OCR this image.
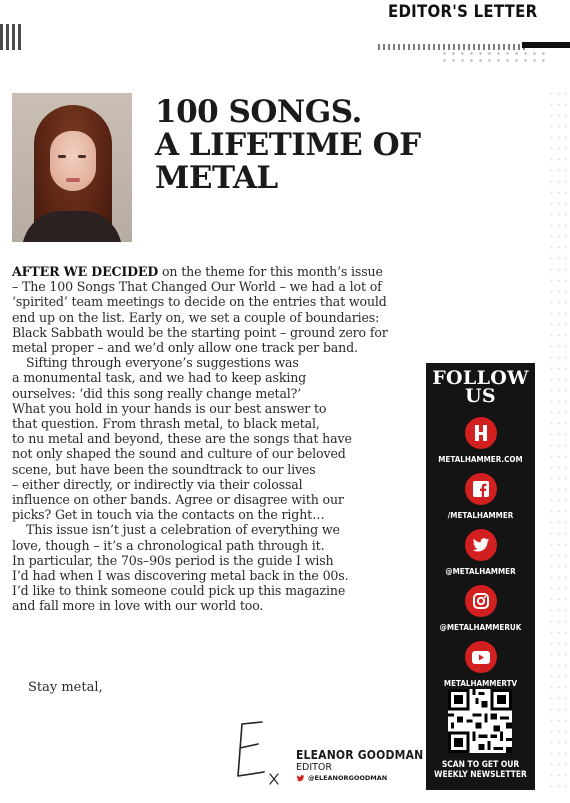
EDITOR'S LETTER
100 SONGS.
A LIFETIME OF METAL
AFTER WE DECIDED on the theme for this month’s issue
– The 100 Songs That Changed Our World – we had a lot of
‘spirited’ team meetings to decide on the entries that would
end up on the list. Early on, we set a couple of boundaries:
Black Sabbath would be the starting point – ground zero for
metal proper – and we’d only allow one track per band.
Sifting through everyone’s suggestions was
a monumental task, and we had to keep asking
ourselves: ‘did this song really change metal?’
What you hold in your hands is our best answer to
that question. From thrash metal, to black metal,
to nu metal and beyond, these are the songs that have
not only shaped the sound and culture of our beloved
scene, but have been the soundtrack to our lives
– either directly, or indirectly via their colossal
influence on other bands. Agree or disagree with our
picks? Get in touch via the contacts on the right…
This issue isn’t just a celebration of everything we
love, though – it’s a chronological path through it.
In particular, the 70s–90s period is the guide I wish
I’d had when I was discovering metal back in the 00s.
I’d like to think someone could pick up this magazine
and fall more in love with our world too.
Stay metal,
ELEANOR GOODMAN
EDITOR
@ELEANORGOODMAN
FOLLOW
US
METALHAMMER.COM
/METALHAMMER
@METALHAMMER
@METALHAMMERUK
METALHAMMERTV
SCAN TO GET OUR
WEEKLY NEWSLETTER
